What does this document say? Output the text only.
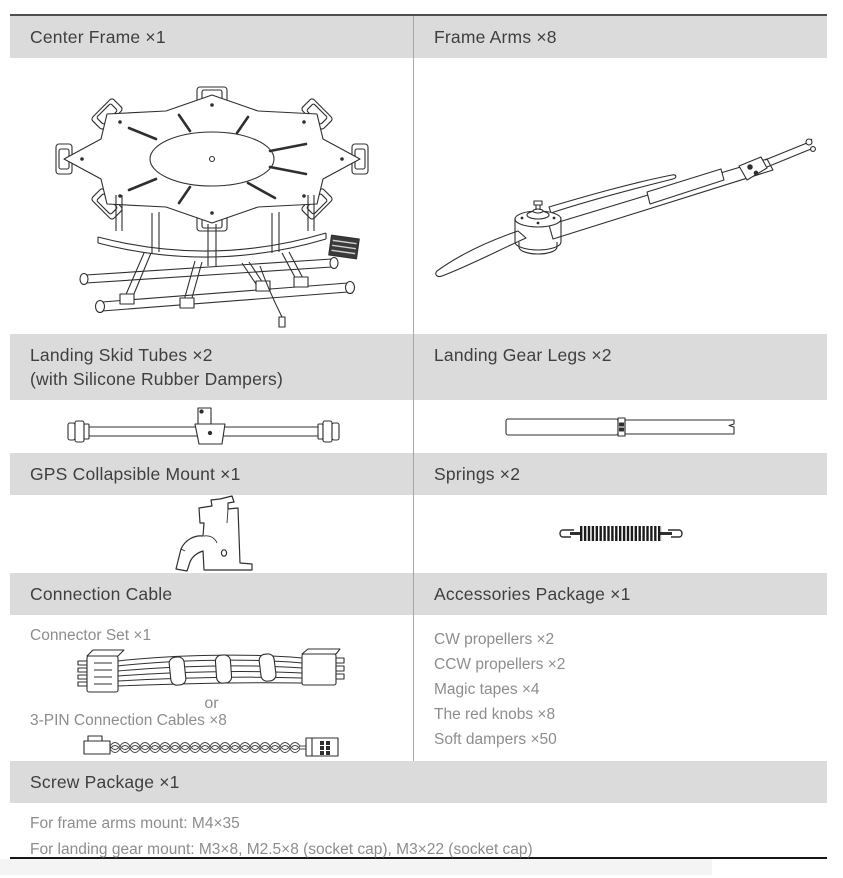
Center Frame ×1	Frame Arms ×8
Landing Skid Tubes ×2
(with Silicone Rubber Dampers)
Landing Gear Legs ×2
GPS Collapsible Mount ×1	Springs ×2
Connection Cable
Connector Set ×1
or
3-PIN Connection Cables ×8
Accessories Package ×1
CW propellers ×2
CCW propellers ×2
Magic tapes ×4
The red knobs ×8
Soft dampers ×50
Screw Package ×1
For frame arms mount: M4×35
For landing gear mount: M3×8, M2.5×8 (socket cap), M3×22 (socket cap)
